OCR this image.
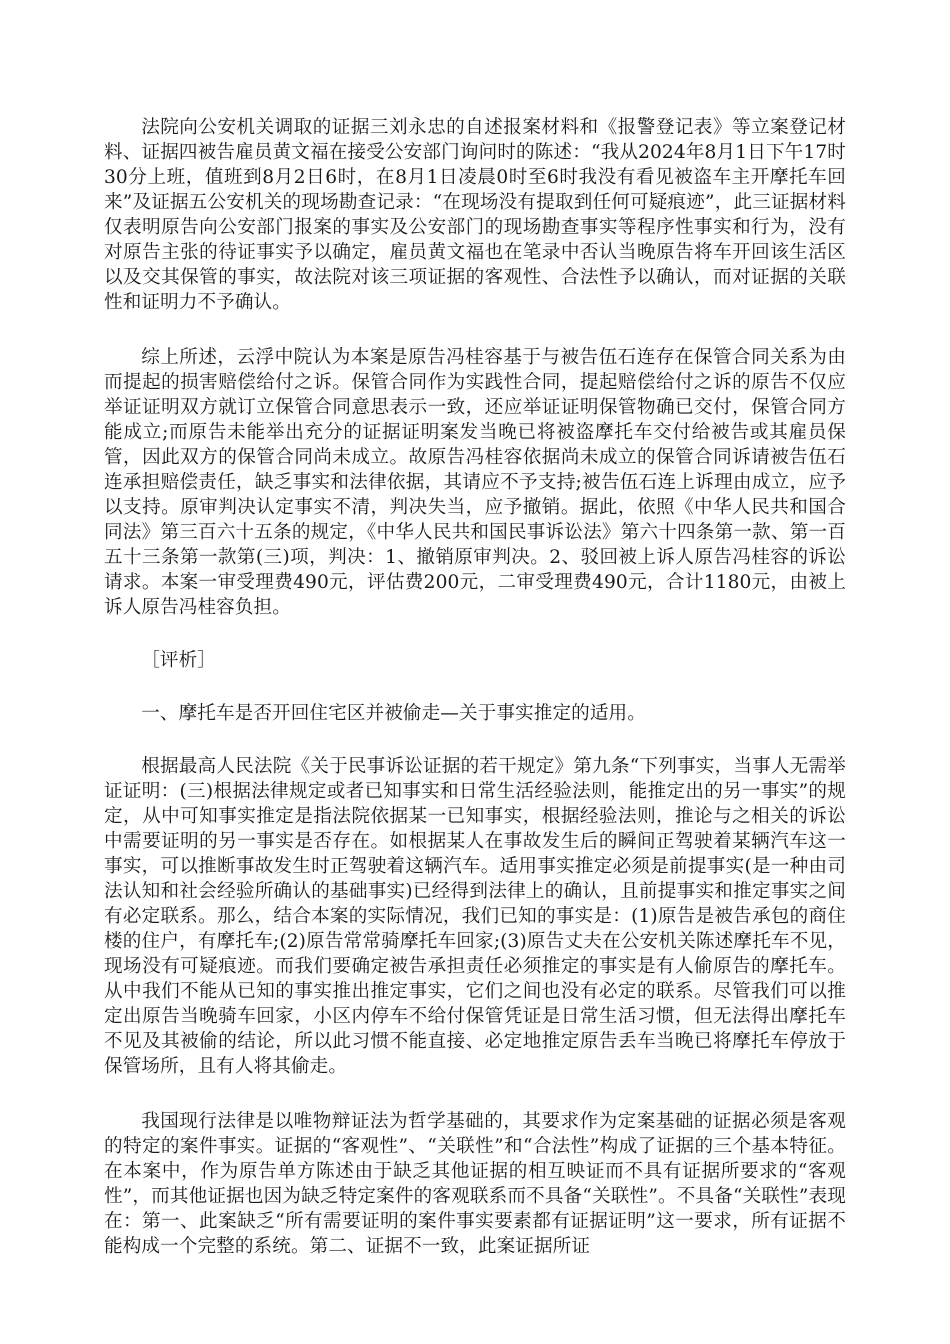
法院向公安机关调取的证据三刘永忠的自述报案材料和《报警登记表》等立案登记材料、证据四被告雇员黄文福在接受公安部门询问时的陈述：“我从2024年8月1日下午17时30分上班，值班到8月2日6时，在8月1日凌晨0时至6时我没有看见被盗车主开摩托车回来”及证据五公安机关的现场勘查记录：“在现场没有提取到任何可疑痕迹”，此三证据材料仅表明原告向公安部门报案的事实及公安部门的现场勘查事实等程序性事实和行为，没有对原告主张的待证事实予以确定，雇员黄文福也在笔录中否认当晚原告将车开回该生活区以及交其保管的事实，故法院对该三项证据的客观性、合法性予以确认，而对证据的关联性和证明力不予确认。

综上所述，云浮中院认为本案是原告冯桂容基于与被告伍石连存在保管合同关系为由而提起的损害赔偿给付之诉。保管合同作为实践性合同，提起赔偿给付之诉的原告不仅应举证证明双方就订立保管合同意思表示一致，还应举证证明保管物确已交付，保管合同方能成立;而原告未能举出充分的证据证明案发当晚已将被盗摩托车交付给被告或其雇员保管，因此双方的保管合同尚未成立。故原告冯桂容依据尚未成立的保管合同诉请被告伍石连承担赔偿责任，缺乏事实和法律依据，其请应不予支持;被告伍石连上诉理由成立，应予以支持。原审判决认定事实不清，判决失当，应予撤销。据此，依照《中华人民共和国合同法》第三百六十五条的规定，《中华人民共和国民事诉讼法》第六十四条第一款、第一百五十三条第一款第(三)项，判决：1、撤销原审判决。2、驳回被上诉人原告冯桂容的诉讼请求。本案一审受理费490元，评估费200元，二审受理费490元，合计1180元，由被上诉人原告冯桂容负担。

［评析］

一、摩托车是否开回住宅区并被偷走—关于事实推定的适用。

根据最高人民法院《关于民事诉讼证据的若干规定》第九条“下列事实，当事人无需举证证明：(三)根据法律规定或者已知事实和日常生活经验法则，能推定出的另一事实”的规定，从中可知事实推定是指法院依据某一已知事实，根据经验法则，推论与之相关的诉讼中需要证明的另一事实是否存在。如根据某人在事故发生后的瞬间正驾驶着某辆汽车这一事实，可以推断事故发生时正驾驶着这辆汽车。适用事实推定必须是前提事实(是一种由司法认知和社会经验所确认的基础事实)已经得到法律上的确认，且前提事实和推定事实之间有必定联系。那么，结合本案的实际情况，我们已知的事实是：(1)原告是被告承包的商住楼的住户，有摩托车;(2)原告常常骑摩托车回家;(3)原告丈夫在公安机关陈述摩托车不见，现场没有可疑痕迹。而我们要确定被告承担责任必须推定的事实是有人偷原告的摩托车。从中我们不能从已知的事实推出推定事实，它们之间也没有必定的联系。尽管我们可以推定出原告当晚骑车回家，小区内停车不给付保管凭证是日常生活习惯，但无法得出摩托车不见及其被偷的结论，所以此习惯不能直接、必定地推定原告丢车当晚已将摩托车停放于保管场所，且有人将其偷走。

我国现行法律是以唯物辩证法为哲学基础的，其要求作为定案基础的证据必须是客观的特定的案件事实。证据的“客观性”、“关联性”和“合法性”构成了证据的三个基本特征。在本案中，作为原告单方陈述由于缺乏其他证据的相互映证而不具有证据所要求的“客观性”，而其他证据也因为缺乏特定案件的客观联系而不具备“关联性”。不具备“关联性”表现在：第一、此案缺乏“所有需要证明的案件事实要素都有证据证明”这一要求，所有证据不能构成一个完整的系统。第二、证据不一致，此案证据所证
